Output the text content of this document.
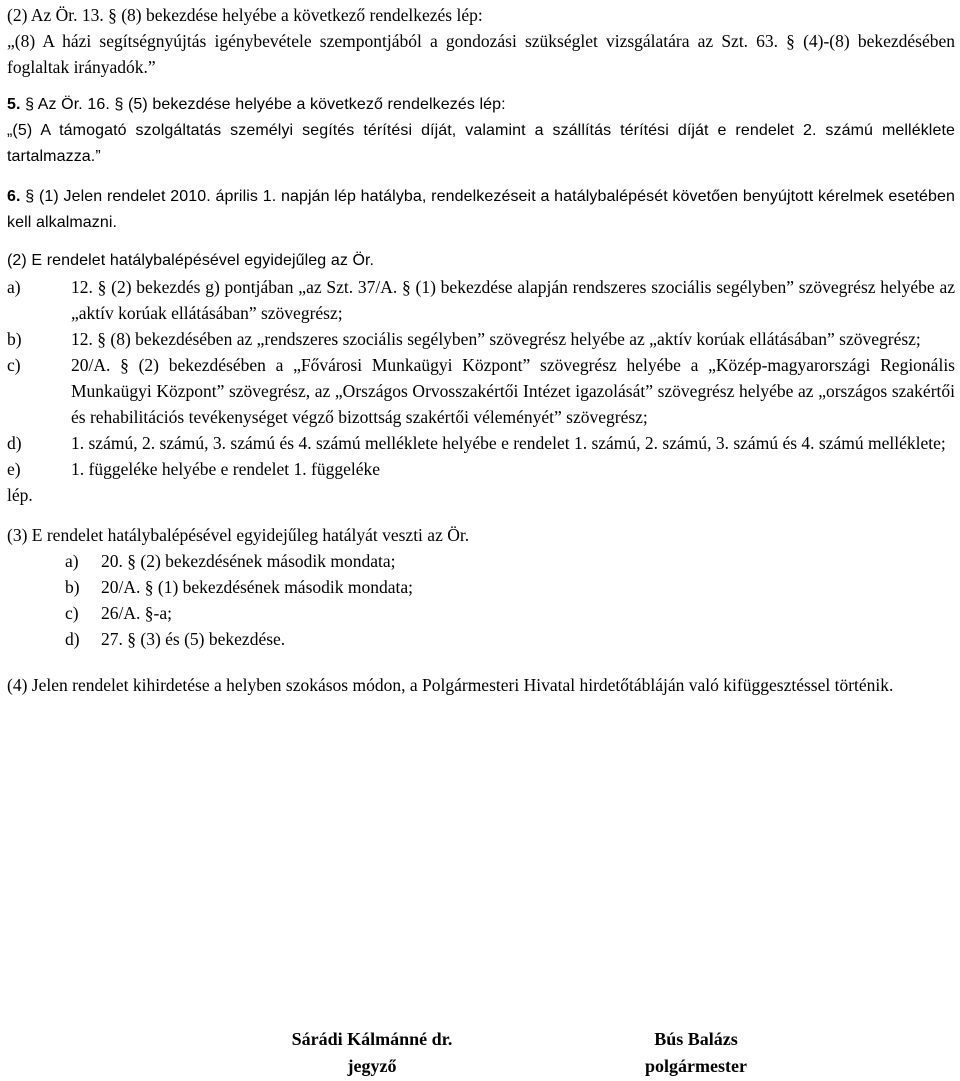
(2) Az Ör. 13. § (8) bekezdése helyébe a következő rendelkezés lép:

„(8) A házi segítségnyújtás igénybevétele szempontjából a gondozási szükséglet vizsgálatára az Szt. 63. § (4)-(8) bekezdésében foglaltak irányadók.”

5. § Az Ör. 16. § (5) bekezdése helyébe a következő rendelkezés lép:

„(5) A támogató szolgáltatás személyi segítés térítési díját, valamint a szállítás térítési díját e rendelet 2. számú melléklete tartalmazza.”

6. § (1) Jelen rendelet 2010. április 1. napján lép hatályba, rendelkezéseit a hatálybalépését követően benyújtott kérelmek esetében kell alkalmazni.

(2) E rendelet hatálybalépésével egyidejűleg az Ör.

a)	12. § (2) bekezdés g) pontjában „az Szt. 37/A. § (1) bekezdése alapján rendszeres szociális segélyben” szövegrész helyébe az „aktív korúak ellátásában” szövegrész;
b)	12. § (8) bekezdésében az „rendszeres szociális segélyben” szövegrész helyébe az „aktív korúak ellátásában” szövegrész;
c)	20/A. § (2) bekezdésében a „Fővárosi Munkaügyi Központ” szövegrész helyébe a „Közép-magyarországi Regionális Munkaügyi Központ” szövegrész, az „Országos Orvosszakértői Intézet igazolását” szövegrész helyébe az „országos szakértői és rehabilitációs tevékenységet végző bizottság szakértői véleményét” szövegrész;
d)	1. számú, 2. számú, 3. számú és 4. számú melléklete helyébe e rendelet 1. számú, 2. számú, 3. számú és 4. számú melléklete;
e)	1. függeléke helyébe e rendelet 1. függeléke

lép.

(3) E rendelet hatálybalépésével egyidejűleg hatályát veszti az Ör.

a)	20. § (2) bekezdésének második mondata;
b)	20/A. § (1) bekezdésének második mondata;
c)	26/A. §-a;
d)	27. § (3) és (5) bekezdése.

(4) Jelen rendelet kihirdetése a helyben szokásos módon, a Polgármesteri Hivatal hirdetőtábláján való kifüggesztéssel történik.

Sárádi Kálmánné dr.
jegyző
Bús Balázs
polgármester
